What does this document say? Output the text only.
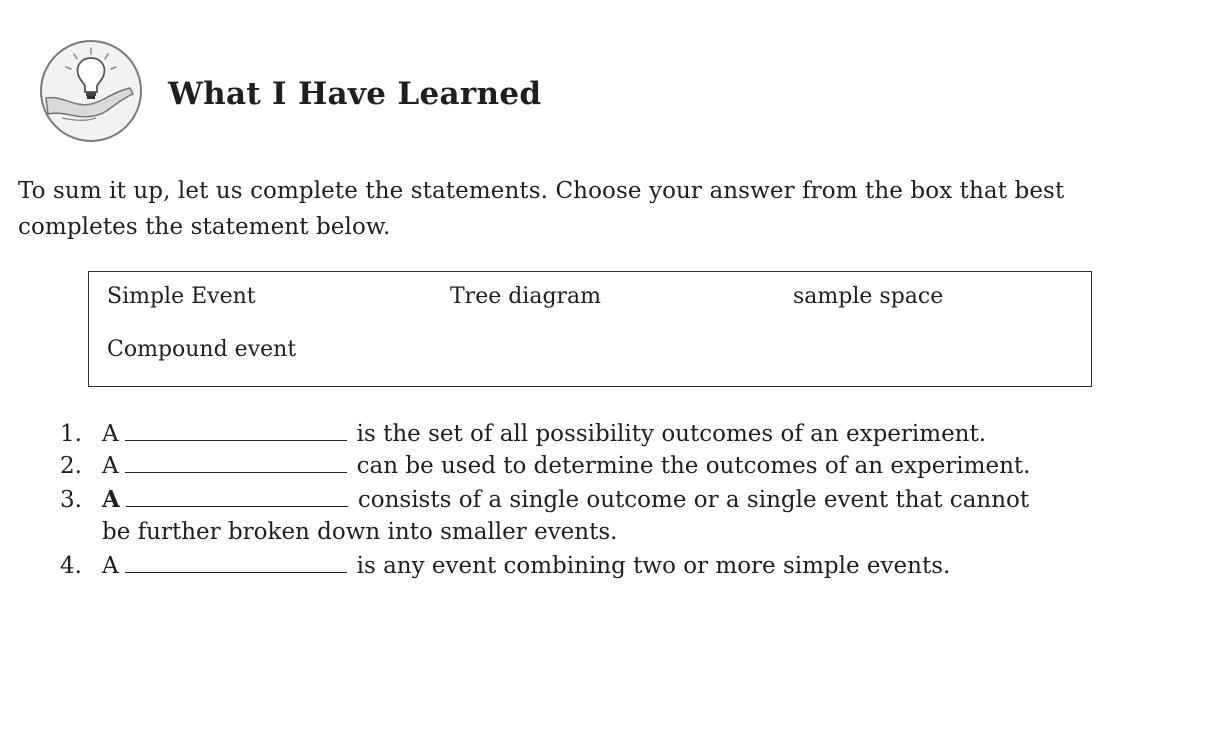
What I Have Learned

To sum it up, let us complete the statements. Choose your answer from the box that best completes the statement below.

Simple Event	Tree diagram	sample space
Compound event
1. A	is the set of all possibility outcomes of an experiment.
2. A	can be used to determine the outcomes of an experiment.
3. A	consists of a single outcome or a single event that cannot
be further broken down into smaller events.
4. A	is any event combining two or more simple events.
